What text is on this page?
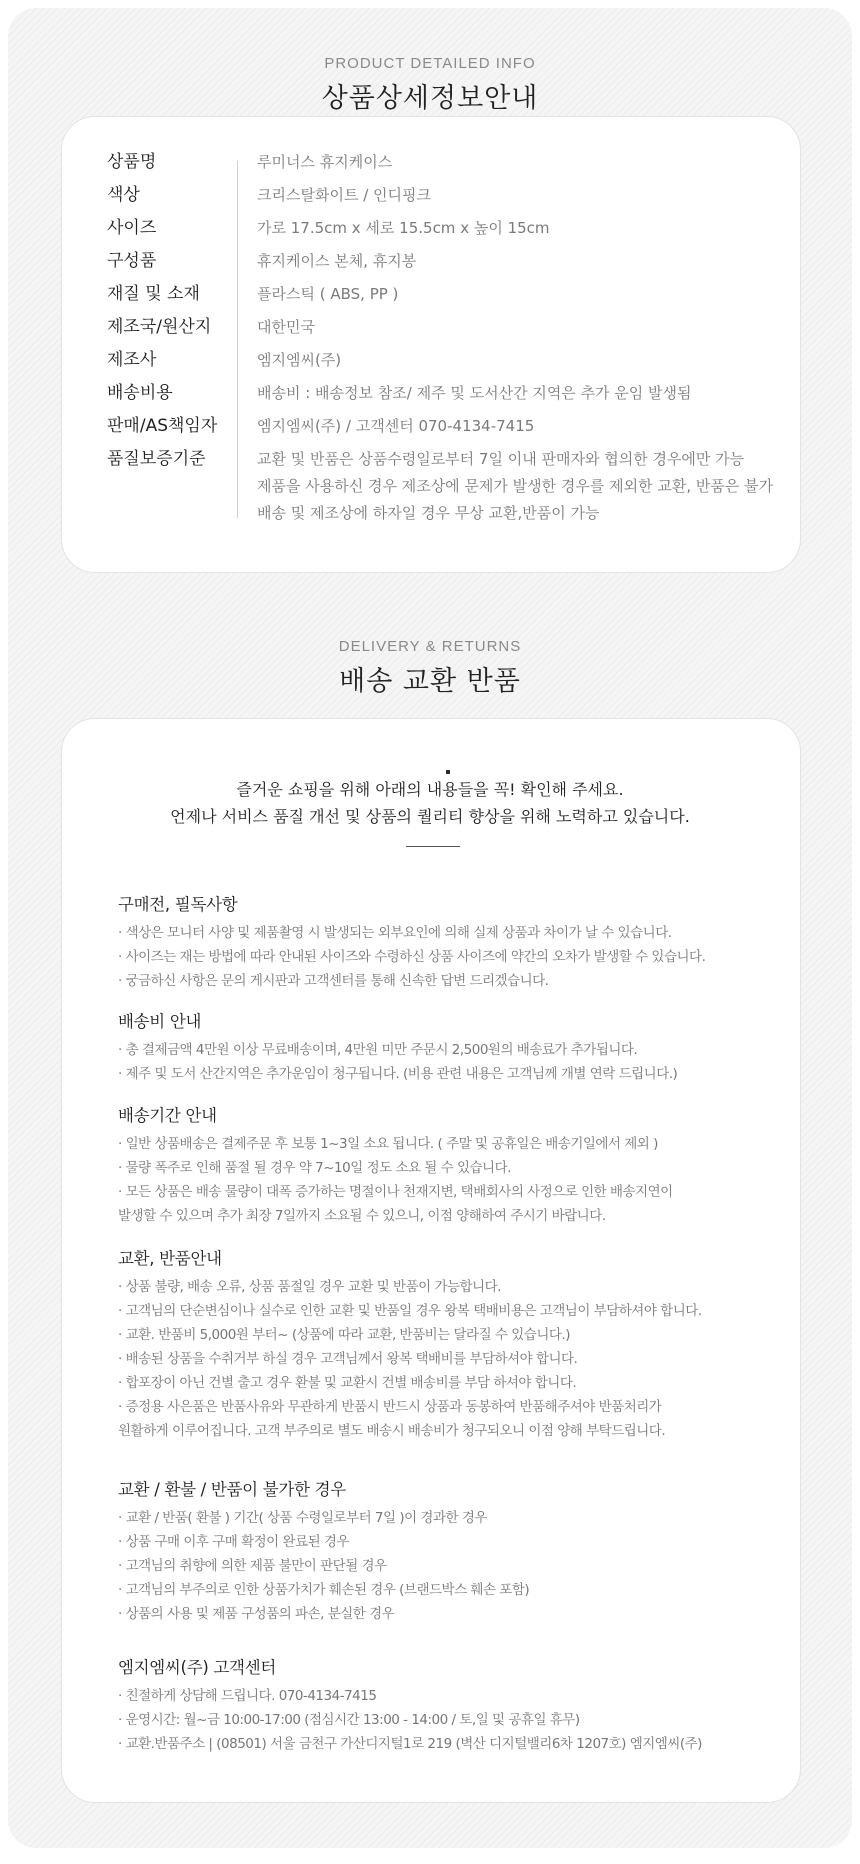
PRODUCT DETAILED INFO
상품상세정보안내
상품명	루미너스 휴지케이스
색상	크리스탈화이트 / 인디핑크
사이즈	가로 17.5cm x 세로 15.5cm x 높이 15cm
구성품	휴지케이스 본체, 휴지봉
재질 및 소재	플라스틱 ( ABS, PP )
제조국/원산지	대한민국
제조사	엠지엠씨(주)
배송비용	배송비 : 배송정보 참조/ 제주 및 도서산간 지역은 추가 운임 발생됨
판매/AS책임자	엠지엠씨(주) / 고객센터 070-4134-7415
품질보증기준	교환 및 반품은 상품수령일로부터 7일 이내 판매자와 협의한 경우에만 가능
제품을 사용하신 경우 제조상에 문제가 발생한 경우를 제외한 교환, 반품은 불가
배송 및 제조상에 하자일 경우 무상 교환,반품이 가능
DELIVERY & RETURNS
배송 교환 반품
즐거운 쇼핑을 위해 아래의 내용들을 꼭! 확인해 주세요.
언제나 서비스 품질 개선 및 상품의 퀄리티 향상을 위해 노력하고 있습니다.
구매전, 필독사항
· 색상은 모니터 사양 및 제품촬영 시 발생되는 외부요인에 의해 실제 상품과 차이가 날 수 있습니다.
· 사이즈는 재는 방법에 따라 안내된 사이즈와 수령하신 상품 사이즈에 약간의 오차가 발생할 수 있습니다.
· 궁금하신 사항은 문의 게시판과 고객센터를 통해 신속한 답변 드리겠습니다.
배송비 안내
· 총 결제금액 4만원 이상 무료배송이며, 4만원 미만 주문시 2,500원의 배송료가 추가됩니다.
· 제주 및 도서 산간지역은 추가운임이 청구됩니다. (비용 관련 내용은 고객님께 개별 연락 드립니다.)
배송기간 안내
· 일반 상품배송은 결제주문 후 보통 1~3일 소요 됩니다. ( 주말 및 공휴일은 배송기일에서 제외 )
· 물량 폭주로 인해 품절 될 경우 약 7~10일 정도 소요 될 수 있습니다.
· 모든 상품은 배송 물량이 대폭 증가하는 명절이나 천재지변, 택배회사의 사정으로 인한 배송지연이
발생할 수 있으며 추가 최장 7일까지 소요될 수 있으니, 이점 양해하여 주시기 바랍니다.
교환, 반품안내
· 상품 불량, 배송 오류, 상품 품절일 경우 교환 및 반품이 가능합니다.
· 고객님의 단순변심이나 실수로 인한 교환 및 반품일 경우 왕복 택배비용은 고객님이 부담하셔야 합니다.
· 교환. 반품비 5,000원 부터~ (상품에 따라 교환, 반품비는 달라질 수 있습니다.)
· 배송된 상품을 수취거부 하실 경우 고객님께서 왕복 택배비를 부담하셔야 합니다.
· 합포장이 아닌 건별 출고 경우 환불 및 교환시 건별 배송비를 부담 하셔야 합니다.
· 증정용 사은품은 반품사유와 무관하게 반품시 반드시 상품과 동봉하여 반품해주셔야 반품처리가
원활하게 이루어집니다. 고객 부주의로 별도 배송시 배송비가 청구되오니 이점 양해 부탁드립니다.
교환 / 환불 / 반품이 불가한 경우
· 교환 / 반품( 환불 ) 기간( 상품 수령일로부터 7일 )이 경과한 경우
· 상품 구매 이후 구매 확정이 완료된 경우
· 고객님의 취향에 의한 제품 불만이 판단될 경우
· 고객님의 부주의로 인한 상품가치가 훼손된 경우 (브랜드박스 훼손 포함)
· 상품의 사용 및 제품 구성품의 파손, 분실한 경우
엠지엠씨(주) 고객센터
· 친절하게 상담해 드립니다. 070-4134-7415
· 운영시간: 월~금 10:00-17:00 (점심시간 13:00 - 14:00 / 토,일 및 공휴일 휴무)
· 교환.반품주소 | (08501) 서울 금천구 가산디지털1로 219 (벽산 디지털밸리6차 1207호) 엠지엠씨(주)
